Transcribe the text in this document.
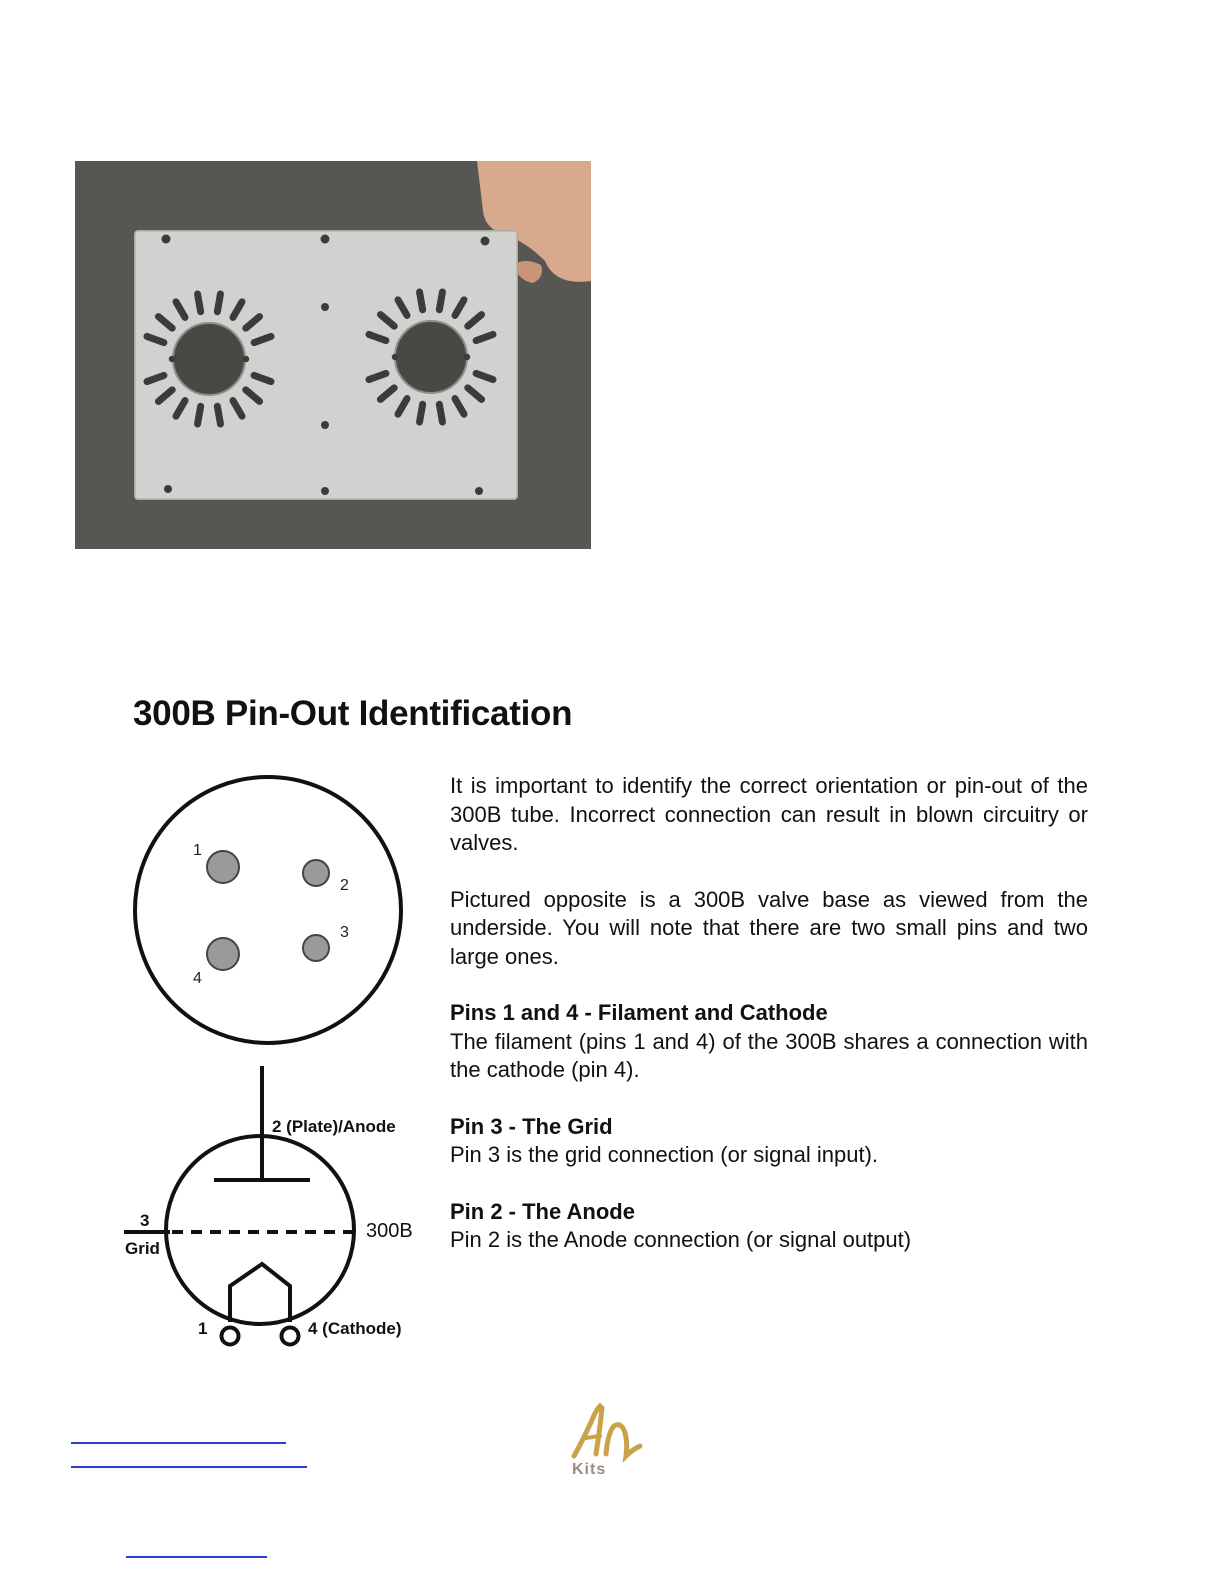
300B Pin-Out Identification
1
2
3
4
2 (Plate)/Anode
3
Grid
300B
1	4 (Cathode)

It is important to identify the correct orientation or pin-out of the 300B tube. Incorrect connection can result in blown circuitry or valves.

Pictured opposite is a 300B valve base as viewed from the underside. You will note that there are two small pins and two large ones.

Pins 1 and 4 - Filament and Cathode

The filament (pins 1 and 4) of the 300B shares a connection with the cathode (pin 4).

Pin 3 - The Grid

Pin 3 is the grid connection (or signal input).

Pin 2 - The Anode

Pin 2 is the Anode connection (or signal output)

Kits
